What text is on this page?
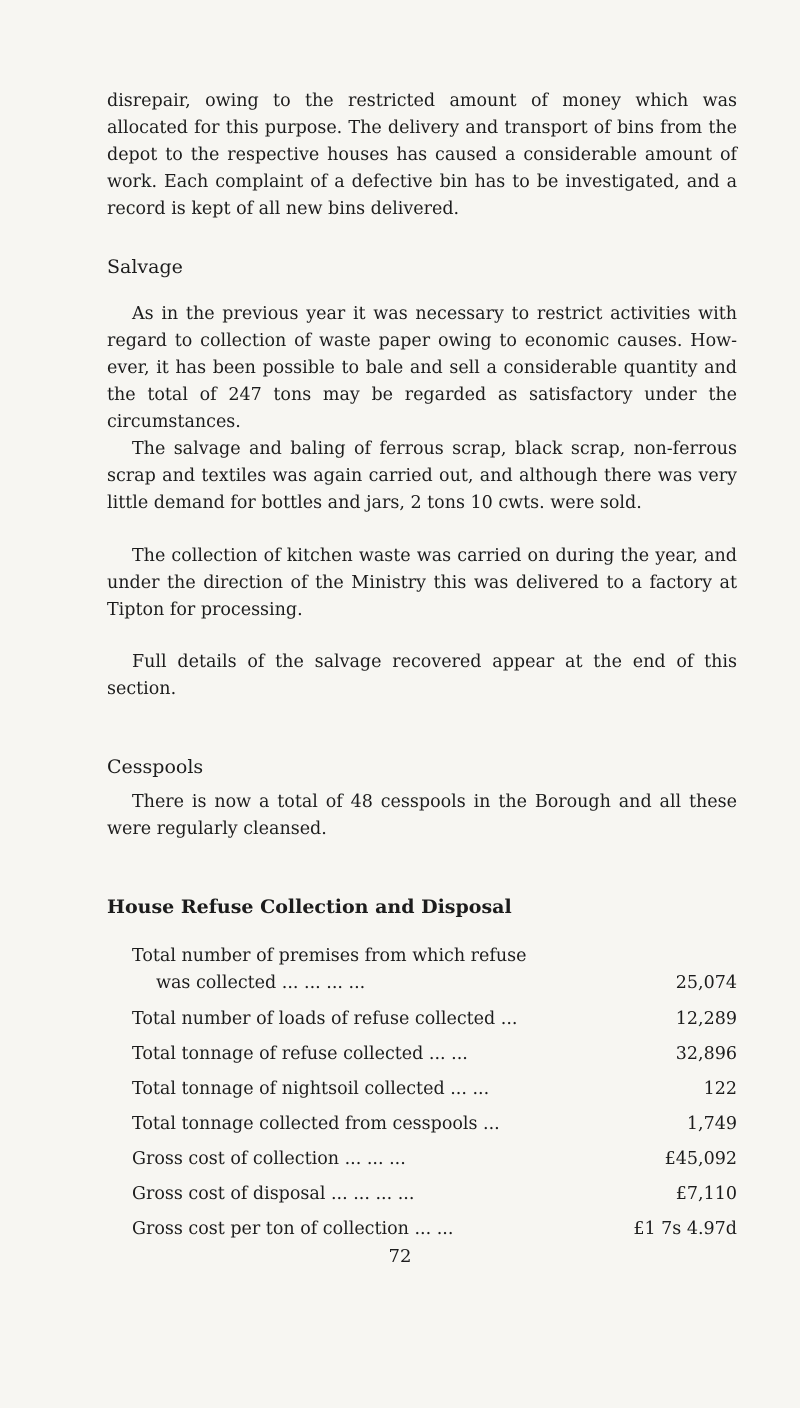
disrepair, owing to the restricted amount of money which was allocated for this purpose. The delivery and transport of bins from the depot to the respective houses has caused a considerable amount of work. Each complaint of a defective bin has to be investigated, and a record is kept of all new bins delivered.

Salvage

As in the previous year it was necessary to restrict activities with regard to collection of waste paper owing to economic causes. How- ever, it has been possible to bale and sell a considerable quantity and the total of 247 tons may be regarded as satisfactory under the circumstances.

The salvage and baling of ferrous scrap, black scrap, non-ferrous scrap and textiles was again carried out, and although there was very little demand for bottles and jars, 2 tons 10 cwts. were sold.

The collection of kitchen waste was carried on during the year, and under the direction of the Ministry this was delivered to a factory at Tipton for processing.

Full details of the salvage recovered appear at the end of this section.

Cesspools

There is now a total of 48 cesspools in the Borough and all these were regularly cleansed.

House Refuse Collection and Disposal
Total number of premises from which refuse
was collected ... ... ... ...	25,074
Total number of loads of refuse collected ...	12,289
Total tonnage of refuse collected ... ...	32,896
Total tonnage of nightsoil collected ... ...	122
Total tonnage collected from cesspools ...	1,749
Gross cost of collection ... ... ...	£45,092
Gross cost of disposal ... ... ... ...	£7,110
Gross cost per ton of collection ... ...	£1 7s 4.97d
72
